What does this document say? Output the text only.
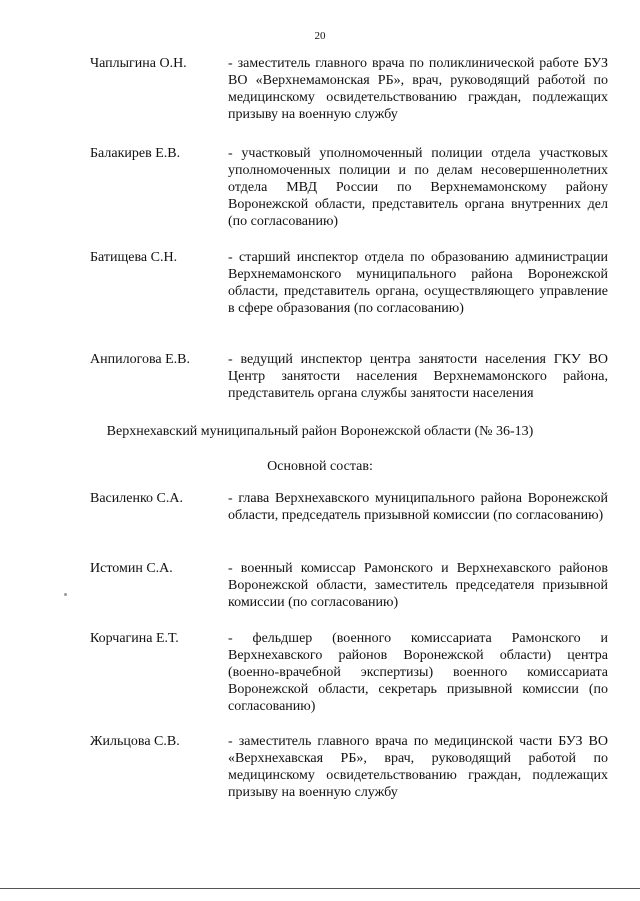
20
Чаплыгина О.Н.	- заместитель главного врача по поликлинической работе БУЗ ВО «Верхнемамонская РБ», врач, руководящий работой по медицинскому освидетельствованию граждан, подлежащих призыву на военную службу
Балакирев Е.В.	- участковый уполномоченный полиции отдела участковых уполномоченных полиции и по делам несовершеннолетних отдела МВД России по Верхнемамонскому району Воронежской области, представитель органа внутренних дел (по согласованию)
Батищева С.Н.	- старший инспектор отдела по образованию администрации Верхнемамонского муниципального района Воронежской области, представитель органа, осуществляющего управление в сфере образования (по согласованию)
Анпилогова Е.В.	- ведущий инспектор центра занятости населения ГКУ ВО Центр занятости населения Верхнемамонского района, представитель органа службы занятости населения
Верхнехавский муниципальный район Воронежской области (№ 36-13)
Основной состав:
Василенко С.А.	- глава Верхнехавского муниципального района Воронежской области, председатель призывной комиссии (по согласованию)
Истомин С.А.	- военный комиссар Рамонского и Верхнехавского районов Воронежской области, заместитель председателя призывной комиссии (по согласованию)
Корчагина Е.Т.	- фельдшер (военного комиссариата Рамонского и Верхнехавского районов Воронежской области) центра (военно-врачебной экспертизы) военного комиссариата Воронежской области, секретарь призывной комиссии (по согласованию)
Жильцова С.В.	- заместитель главного врача по медицинской части БУЗ ВО «Верхнехавская РБ», врач, руководящий работой по медицинскому освидетельствованию граждан, подлежащих призыву на военную службу
